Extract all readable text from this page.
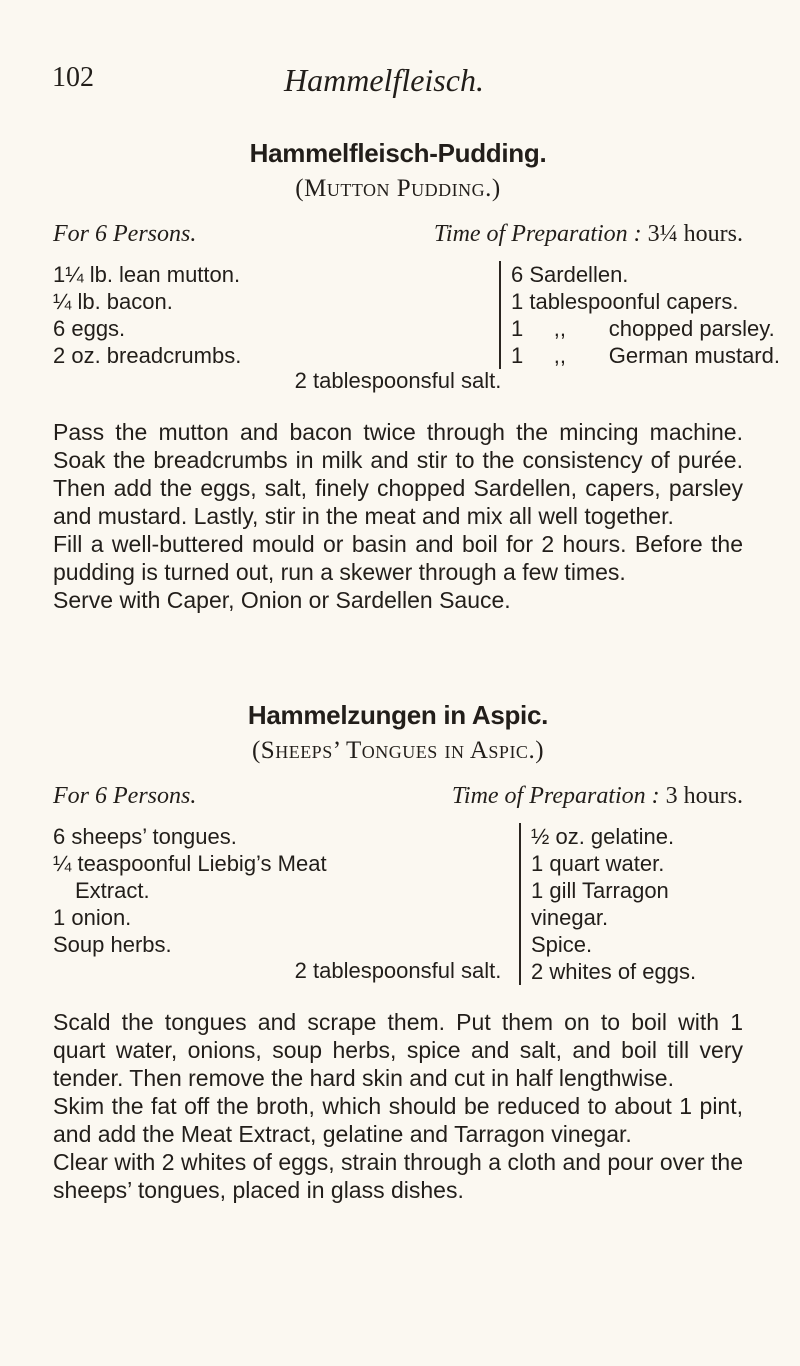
102	Hammelfleisch.
Hammelfleisch-Pudding.
(Mutton Pudding.)
For 6 Persons.	Time of Preparation : 3¼ hours.
1¼ lb. lean mutton.
¼ lb. bacon.
6 eggs.
2 oz. breadcrumbs.
6 Sardellen.
1 tablespoonful capers.
1     ,,       chopped parsley.
1     ,,       German mustard.
2 tablespoonsful salt.

Pass the mutton and bacon twice through the mincing machine. Soak the breadcrumbs in milk and stir to the consistency of purée. Then add the eggs, salt, finely chopped Sardellen, capers, parsley and mustard. Lastly, stir in the meat and mix all well together.

Fill a well-buttered mould or basin and boil for 2 hours. Before the pudding is turned out, run a skewer through a few times.

Serve with Caper, Onion or Sardellen Sauce.

Hammelzungen in Aspic.
(Sheeps’ Tongues in Aspic.)
For 6 Persons.	Time of Preparation : 3 hours.
6 sheeps’ tongues.
¼ teaspoonful Liebig’s Meat
Extract.
1 onion.
Soup herbs.
½ oz. gelatine.
1 quart water.
1 gill Tarragon vinegar.
Spice.
2 whites of eggs.
2 tablespoonsful salt.

Scald the tongues and scrape them. Put them on to boil with 1 quart water, onions, soup herbs, spice and salt, and boil till very tender. Then remove the hard skin and cut in half lengthwise.

Skim the fat off the broth, which should be reduced to about 1 pint, and add the Meat Extract, gelatine and Tarragon vinegar.

Clear with 2 whites of eggs, strain through a cloth and pour over the sheeps’ tongues, placed in glass dishes.
